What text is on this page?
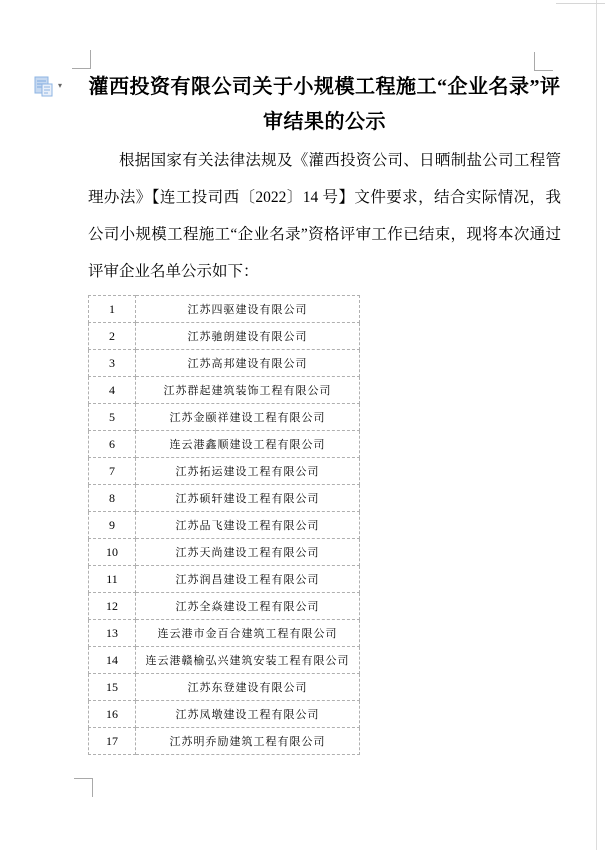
▾ 灌西投资有限公司关于小规模工程施工“企业名录”评
审结果的公示

根据国家有关法律法规及《灌西投资公司、日晒制盐公司工程管理办法》【连工投司西〔2022〕14 号】文件要求，结合实际情况，我公司小规模工程施工“企业名录”资格评审工作已结束，现将本次通过评审企业名单公示如下：

1	江苏四驱建设有限公司
2	江苏驰朗建设有限公司
3	江苏高邦建设有限公司
4	江苏群起建筑装饰工程有限公司
5	江苏金颐祥建设工程有限公司
6	连云港鑫顺建设工程有限公司
7	江苏拓运建设工程有限公司
8	江苏硕轩建设工程有限公司
9	江苏品飞建设工程有限公司
10	江苏天尚建设工程有限公司
11	江苏润昌建设工程有限公司
12	江苏全焱建设工程有限公司
13	连云港市金百合建筑工程有限公司
14	连云港赣榆弘兴建筑安装工程有限公司
15	江苏东登建设有限公司
16	江苏凤墩建设工程有限公司
17	江苏明乔励建筑工程有限公司
